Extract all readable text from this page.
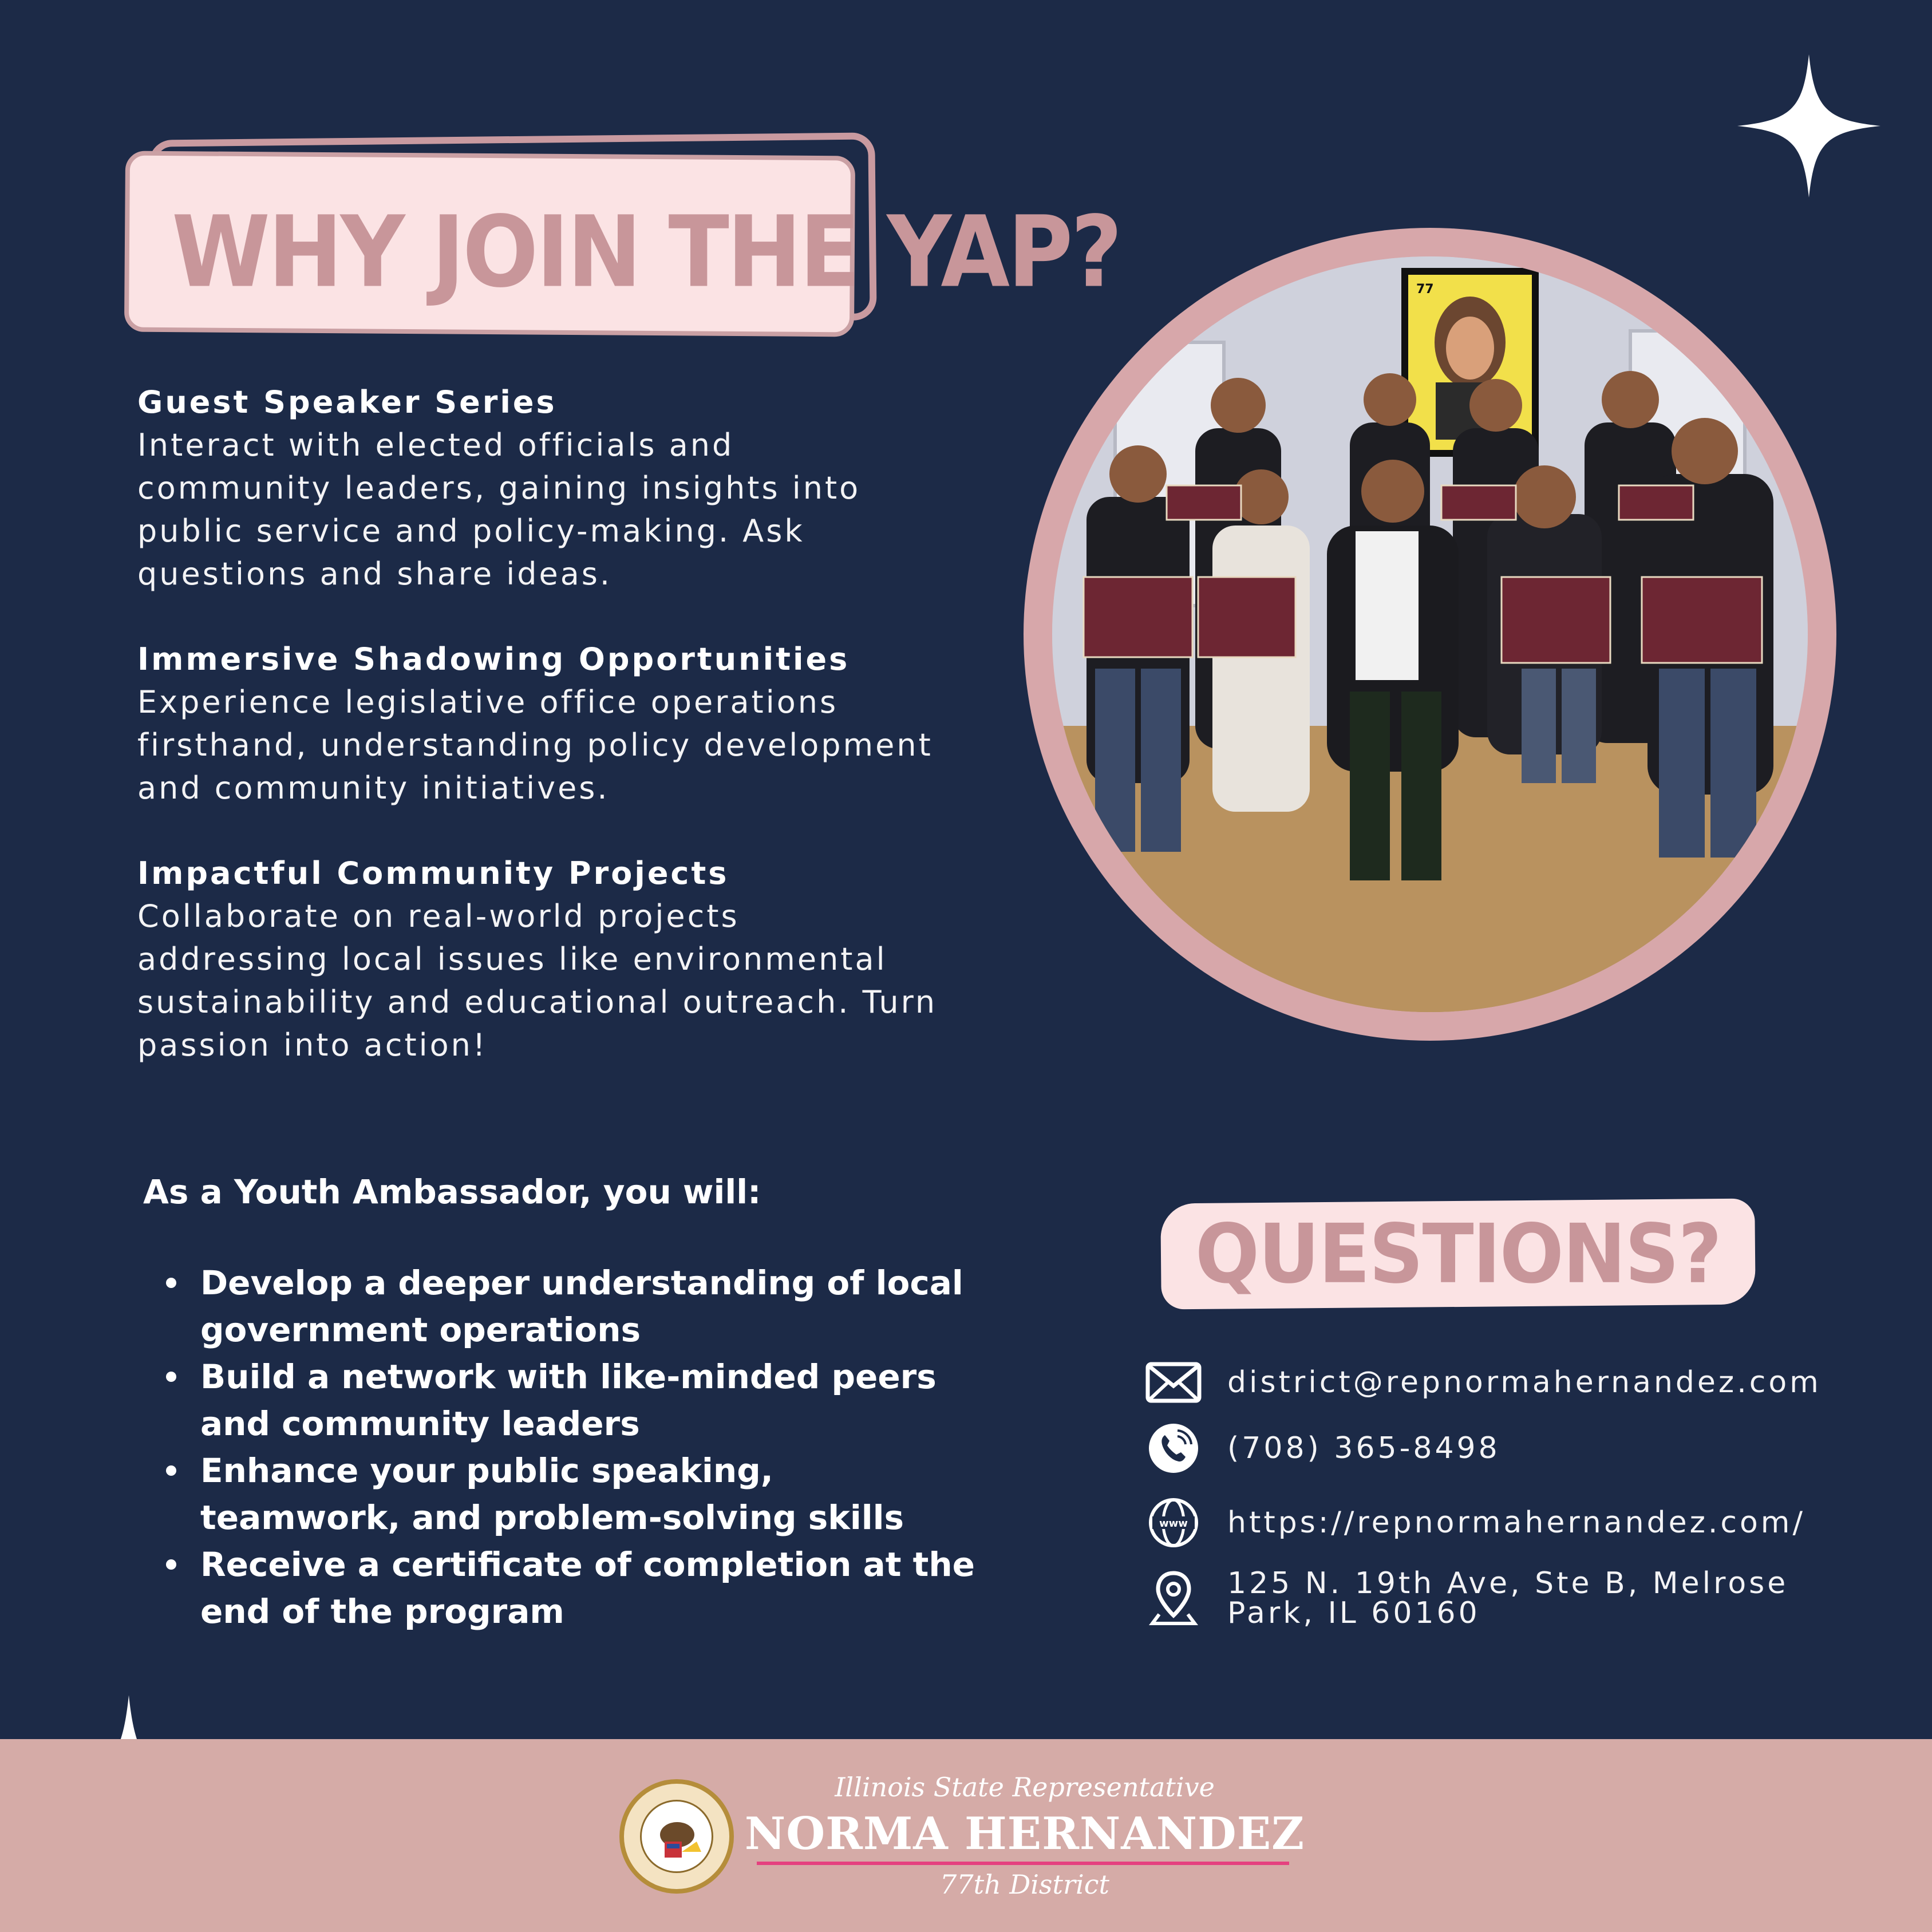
WHY JOIN THE YAP?
Guest Speaker Series
Interact with elected officials and
community leaders, gaining insights into
public service and policy-making. Ask
questions and share ideas.
Immersive Shadowing Opportunities
Experience legislative office operations
firsthand, understanding policy development
and community initiatives.
Impactful Community Projects
Collaborate on real-world projects
addressing local issues like environmental
sustainability and educational outreach. Turn
passion into action!
77
As a Youth Ambassador, you will:
Develop a deeper understanding of local government operations
Build a network with like-minded peers and community leaders
Enhance your public speaking, teamwork, and problem-solving skills
Receive a certificate of completion at the end of the program
QUESTIONS?
district@repnormahernandez.com
(708) 365-8498
www https://repnormahernandez.com/
125 N. 19th Ave, Ste B, Melrose
Park, IL 60160
Illinois State Representative
NORMA HERNANDEZ
77th District
